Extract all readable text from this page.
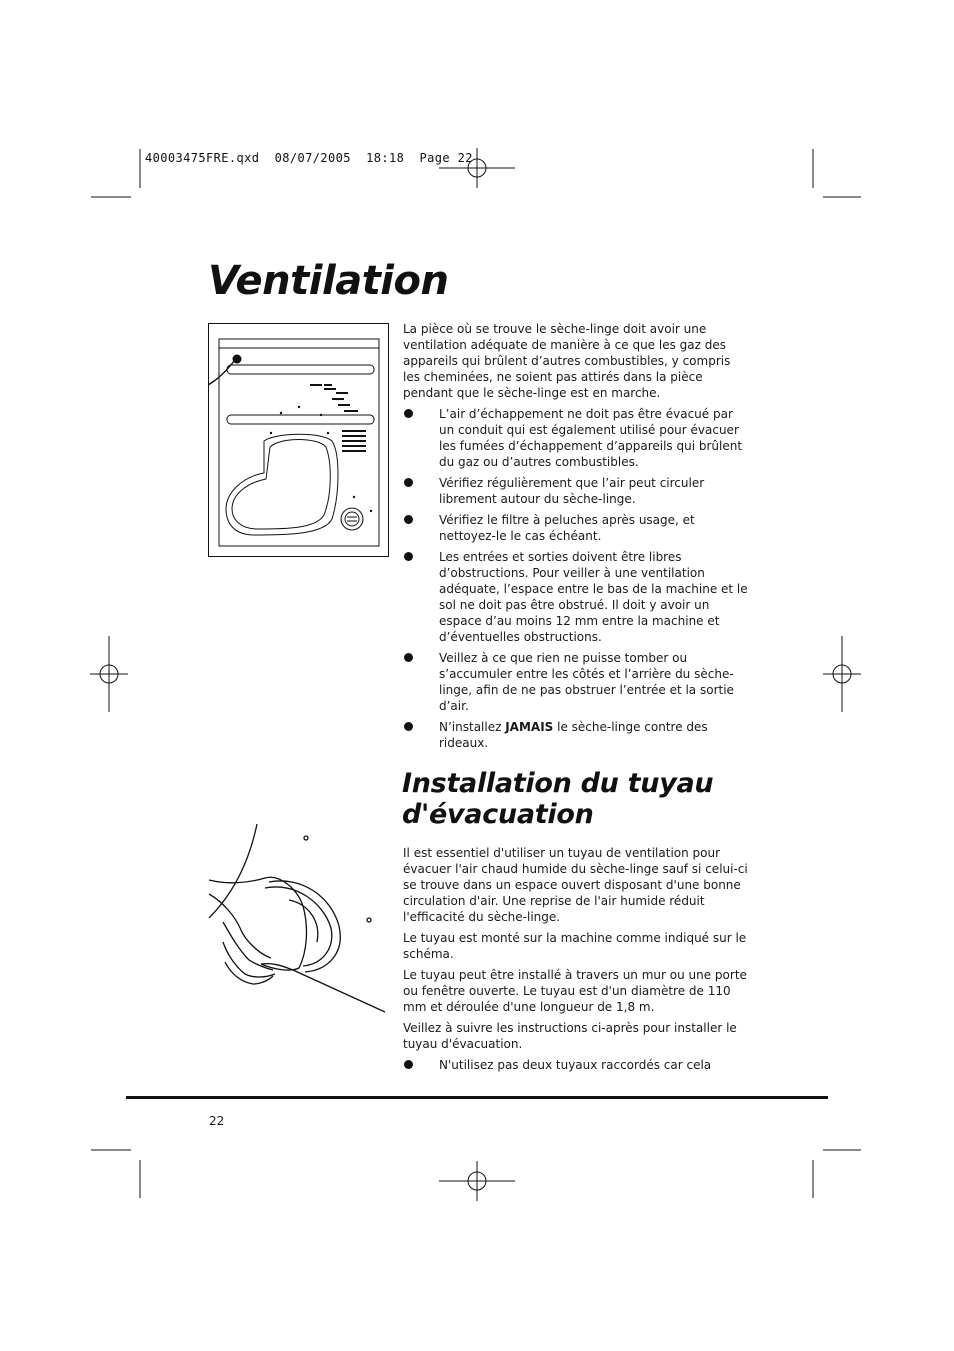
40003475FRE.qxd  08/07/2005  18:18  Page 22
Ventilation

La pièce où se trouve le sèche-linge doit avoir une ventilation adéquate de manière à ce que les gaz des appareils qui brûlent d’autres combustibles, y compris les cheminées, ne soient pas attirés dans la pièce pendant que le sèche-linge est en marche.

L’air d’échappement ne doit pas être évacué par un conduit qui est également utilisé pour évacuer les fumées d’échappement d’appareils qui brûlent du gaz ou d’autres combustibles.
Vérifiez régulièrement que l’air peut circuler librement autour du sèche-linge.
Vérifiez le filtre à peluches après usage, et nettoyez-le le cas échéant.
Les entrées et sorties doivent être libres d’obstructions. Pour veiller à une ventilation adéquate, l’espace entre le bas de la machine et le sol ne doit pas être obstrué. Il doit y avoir un espace d’au moins 12 mm entre la machine et d’éventuelles obstructions.
Veillez à ce que rien ne puisse tomber ou s’accumuler entre les côtés et l’arrière du sèche-linge, afin de ne pas obstruer l’entrée et la sortie d’air.
N’installez JAMAIS le sèche-linge contre des rideaux.
Installation du tuyau d'évacuation

Il est essentiel d'utiliser un tuyau de ventilation pour évacuer l'air chaud humide du sèche-linge sauf si celui-ci se trouve dans un espace ouvert disposant d'une bonne circulation d'air. Une reprise de l'air humide réduit l'efficacité du sèche-linge.

Le tuyau est monté sur la machine comme indiqué sur le schéma.

Le tuyau peut être installé à travers un mur ou une porte ou fenêtre ouverte. Le tuyau est d'un diamètre de 110 mm et déroulée d'une longueur de 1,8 m.

Veillez à suivre les instructions ci-après pour installer le tuyau d'évacuation.

N'utilisez pas deux tuyaux raccordés car cela
22
